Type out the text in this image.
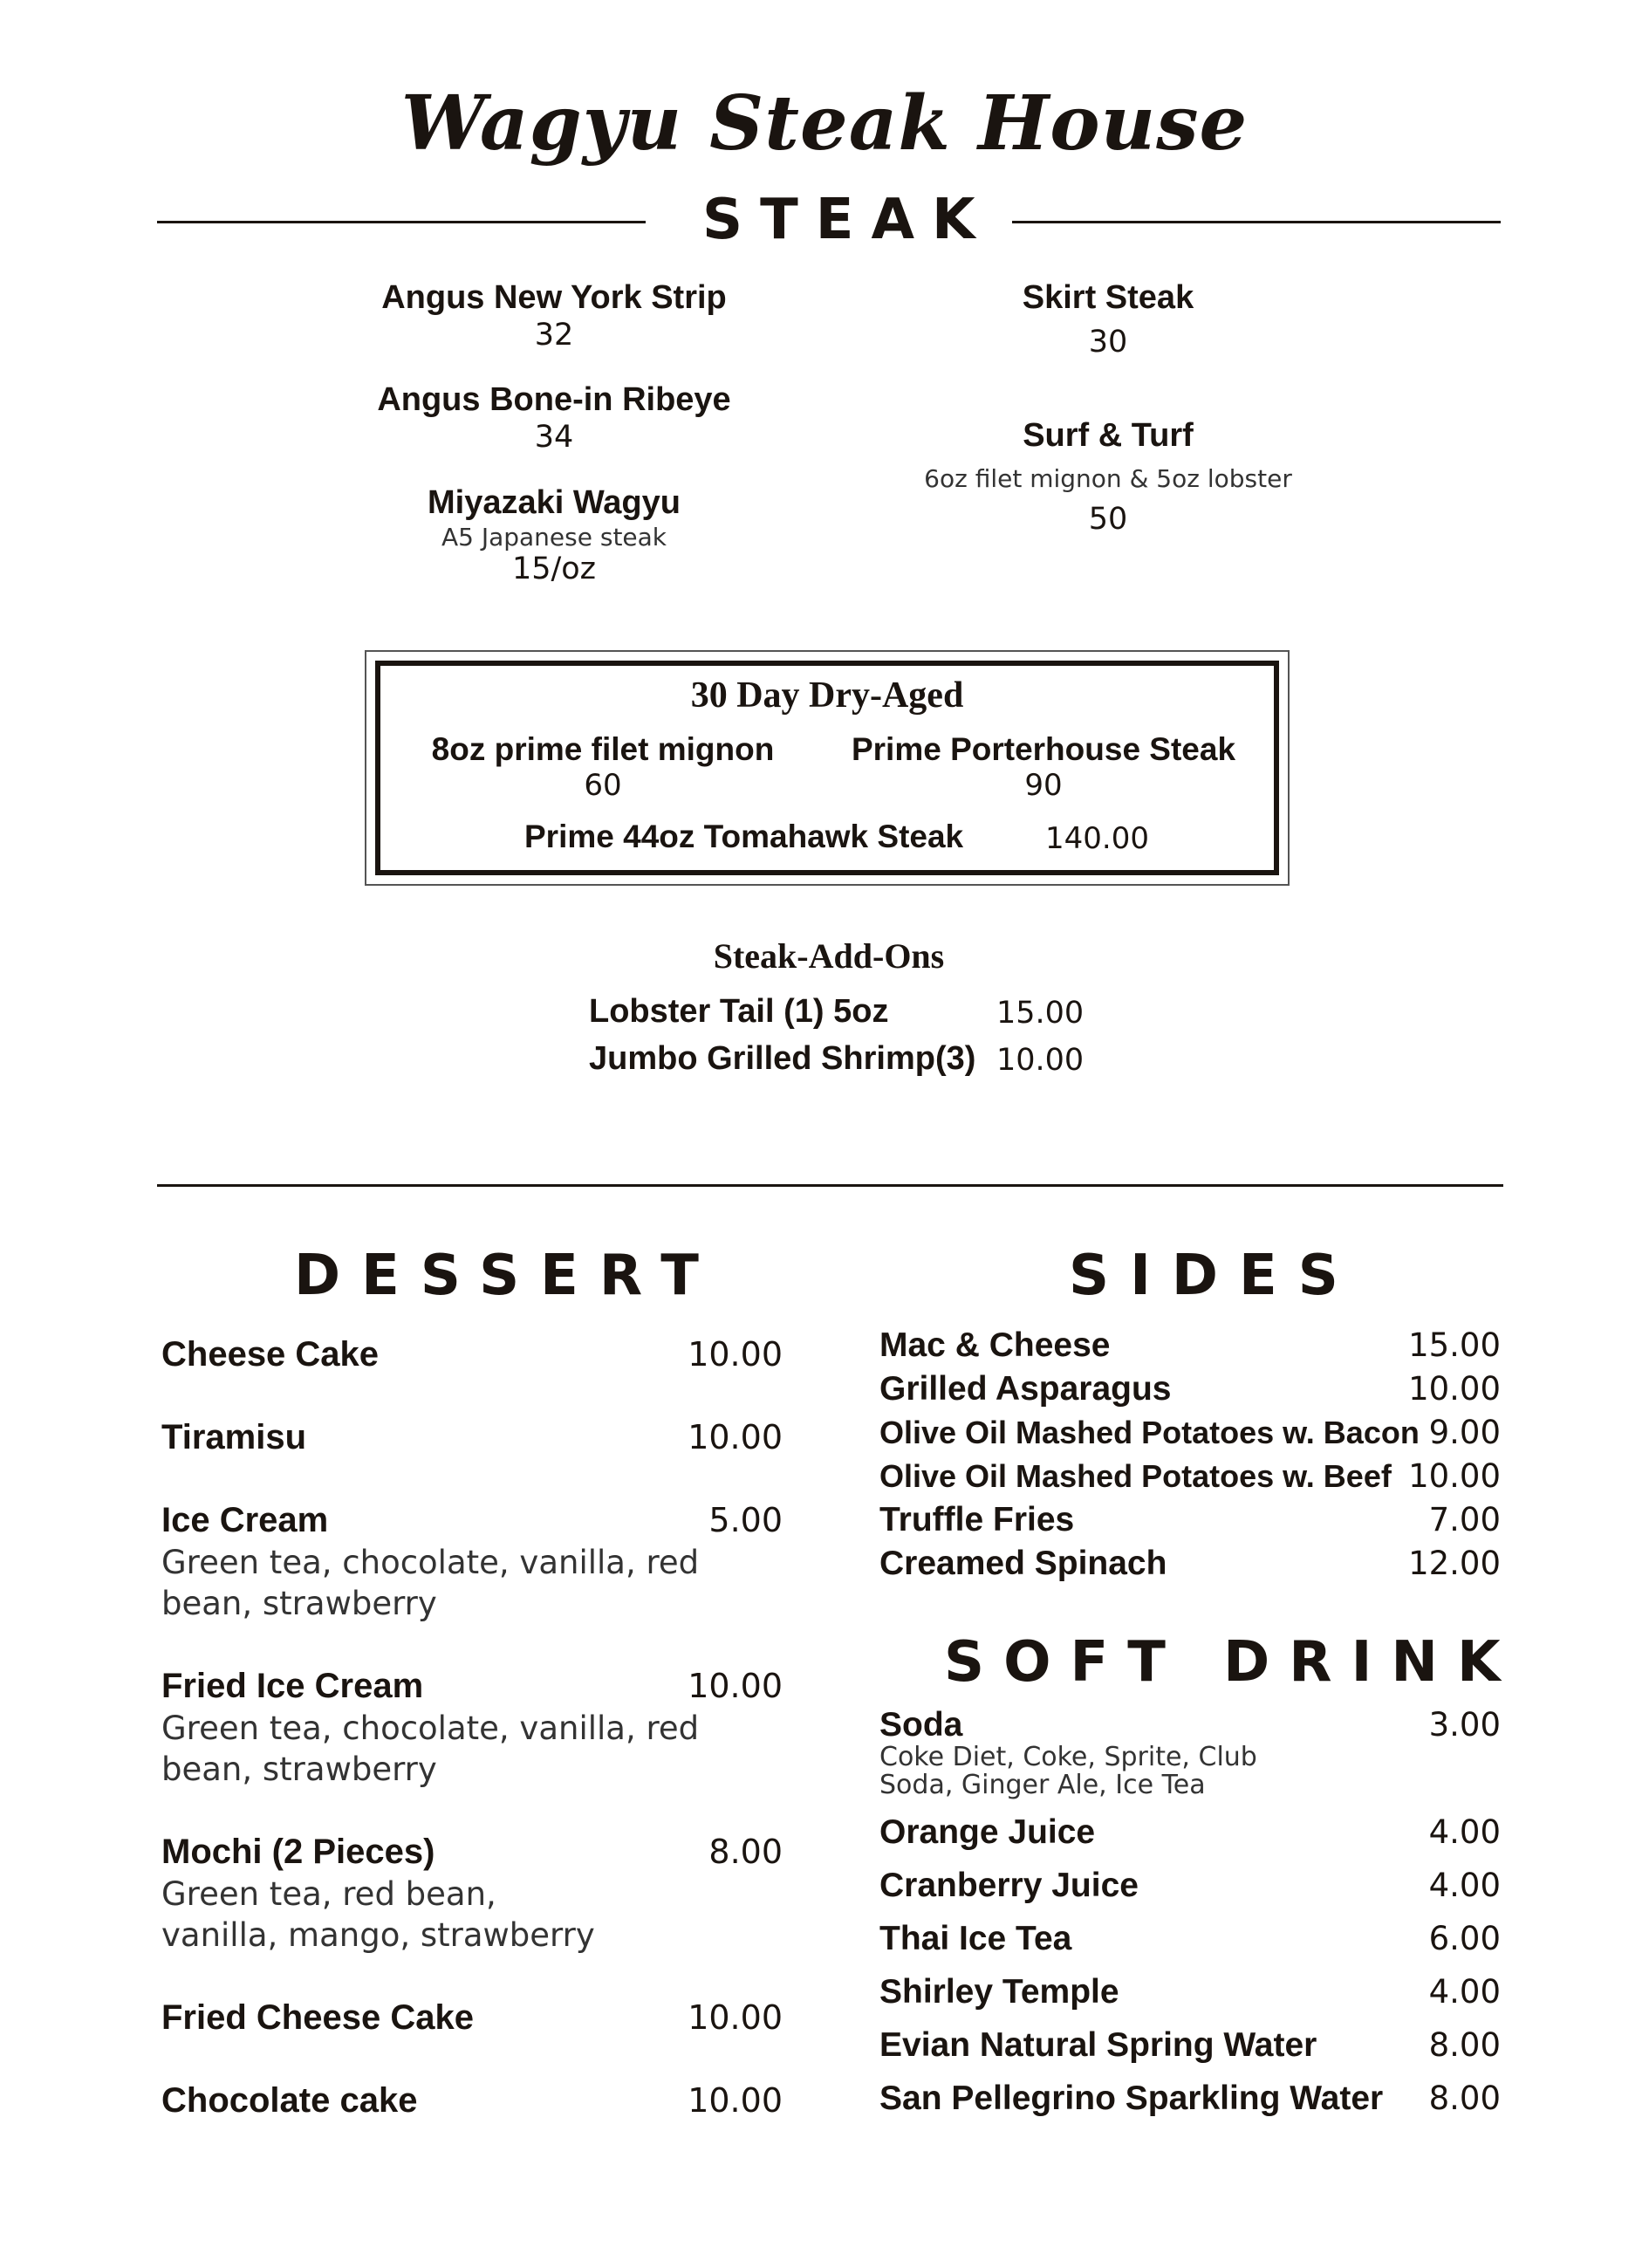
Wagyu Steak House
STEAK
Angus New York Strip
32
Angus Bone-in Ribeye
34
Miyazaki Wagyu
A5 Japanese steak
15/oz
Skirt Steak
30
Surf & Turf
6oz filet mignon & 5oz lobster
50
30 Day Dry-Aged
8oz prime filet mignon
60
Prime Porterhouse Steak
90
Prime 44oz Tomahawk Steak	140.00
Steak-Add-Ons
Lobster Tail (1) 5oz	15.00
Jumbo Grilled Shrimp(3) 10.00
DESSERT
Cheese Cake	10.00
Tiramisu	10.00
Ice Cream	5.00
Green tea, chocolate, vanilla, red bean, strawberry
Fried Ice Cream	10.00
Green tea, chocolate, vanilla, red bean, strawberry
Mochi (2 Pieces)	8.00
Green tea, red bean, vanilla, mango, strawberry
Fried Cheese Cake	10.00
Chocolate cake	10.00
SIDES
Mac & Cheese	15.00
Grilled Asparagus	10.00
Olive Oil Mashed Potatoes w. Bacon 9.00
Olive Oil Mashed Potatoes w. Beef 10.00
Truffle Fries	7.00
Creamed Spinach	12.00
SOFT DRINK
Soda	3.00
Coke Diet, Coke, Sprite, Club Soda, Ginger Ale, Ice Tea
Orange Juice	4.00
Cranberry Juice	4.00
Thai Ice Tea	6.00
Shirley Temple	4.00
Evian Natural Spring Water	8.00
San Pellegrino Sparkling Water 8.00
